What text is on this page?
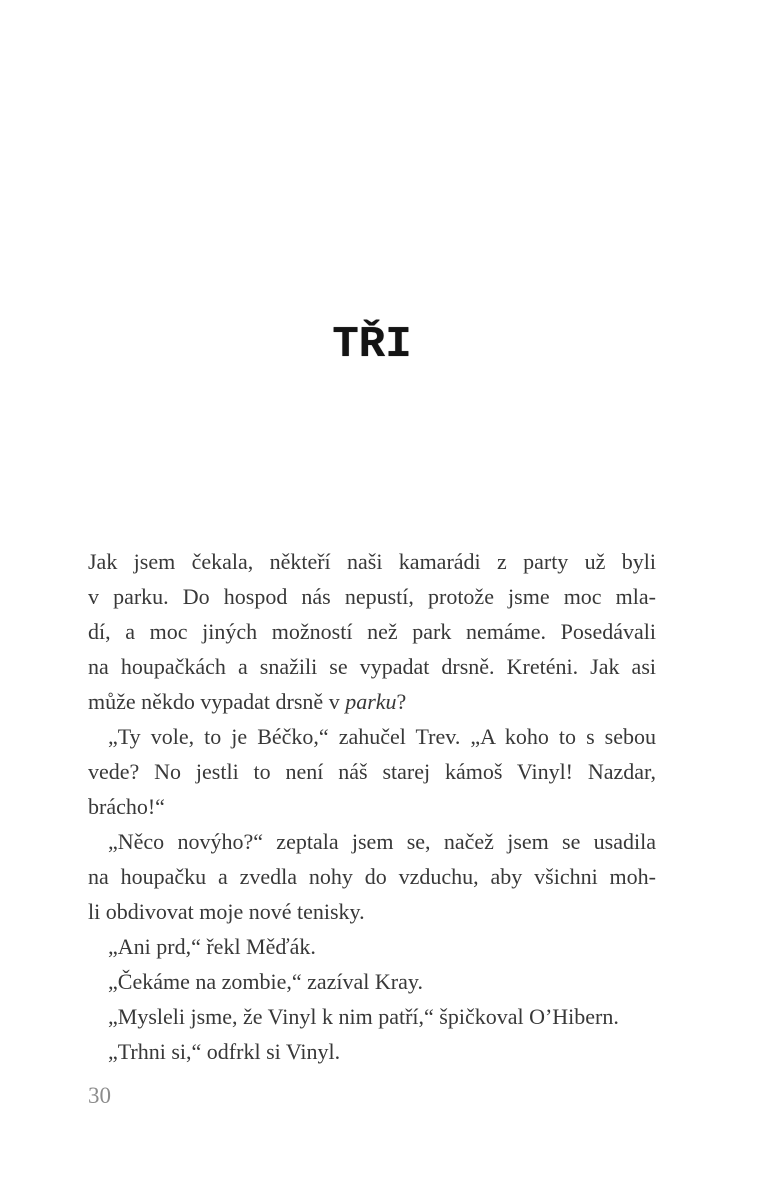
TŘI
Jak jsem čekala, někteří naši kamarádi z party už byli
v parku. Do hospod nás nepustí, protože jsme moc mla-
dí, a moc jiných možností než park nemáme. Posedávali
na houpačkách a snažili se vypadat drsně. Kreténi. Jak asi
může někdo vypadat drsně v parku?
„Ty vole, to je Béčko,“ zahučel Trev. „A koho to s sebou
vede? No jestli to není náš starej kámoš Vinyl! Nazdar,
brácho!“
„Něco novýho?“ zeptala jsem se, načež jsem se usadila
na houpačku a zvedla nohy do vzduchu, aby všichni moh-
li obdivovat moje nové tenisky.
„Ani prd,“ řekl Měďák.
„Čekáme na zombie,“ zazíval Kray.
„Mysleli jsme, že Vinyl k nim patří,“ špičkoval O’Hibern.
„Trhni si,“ odfrkl si Vinyl.
30
